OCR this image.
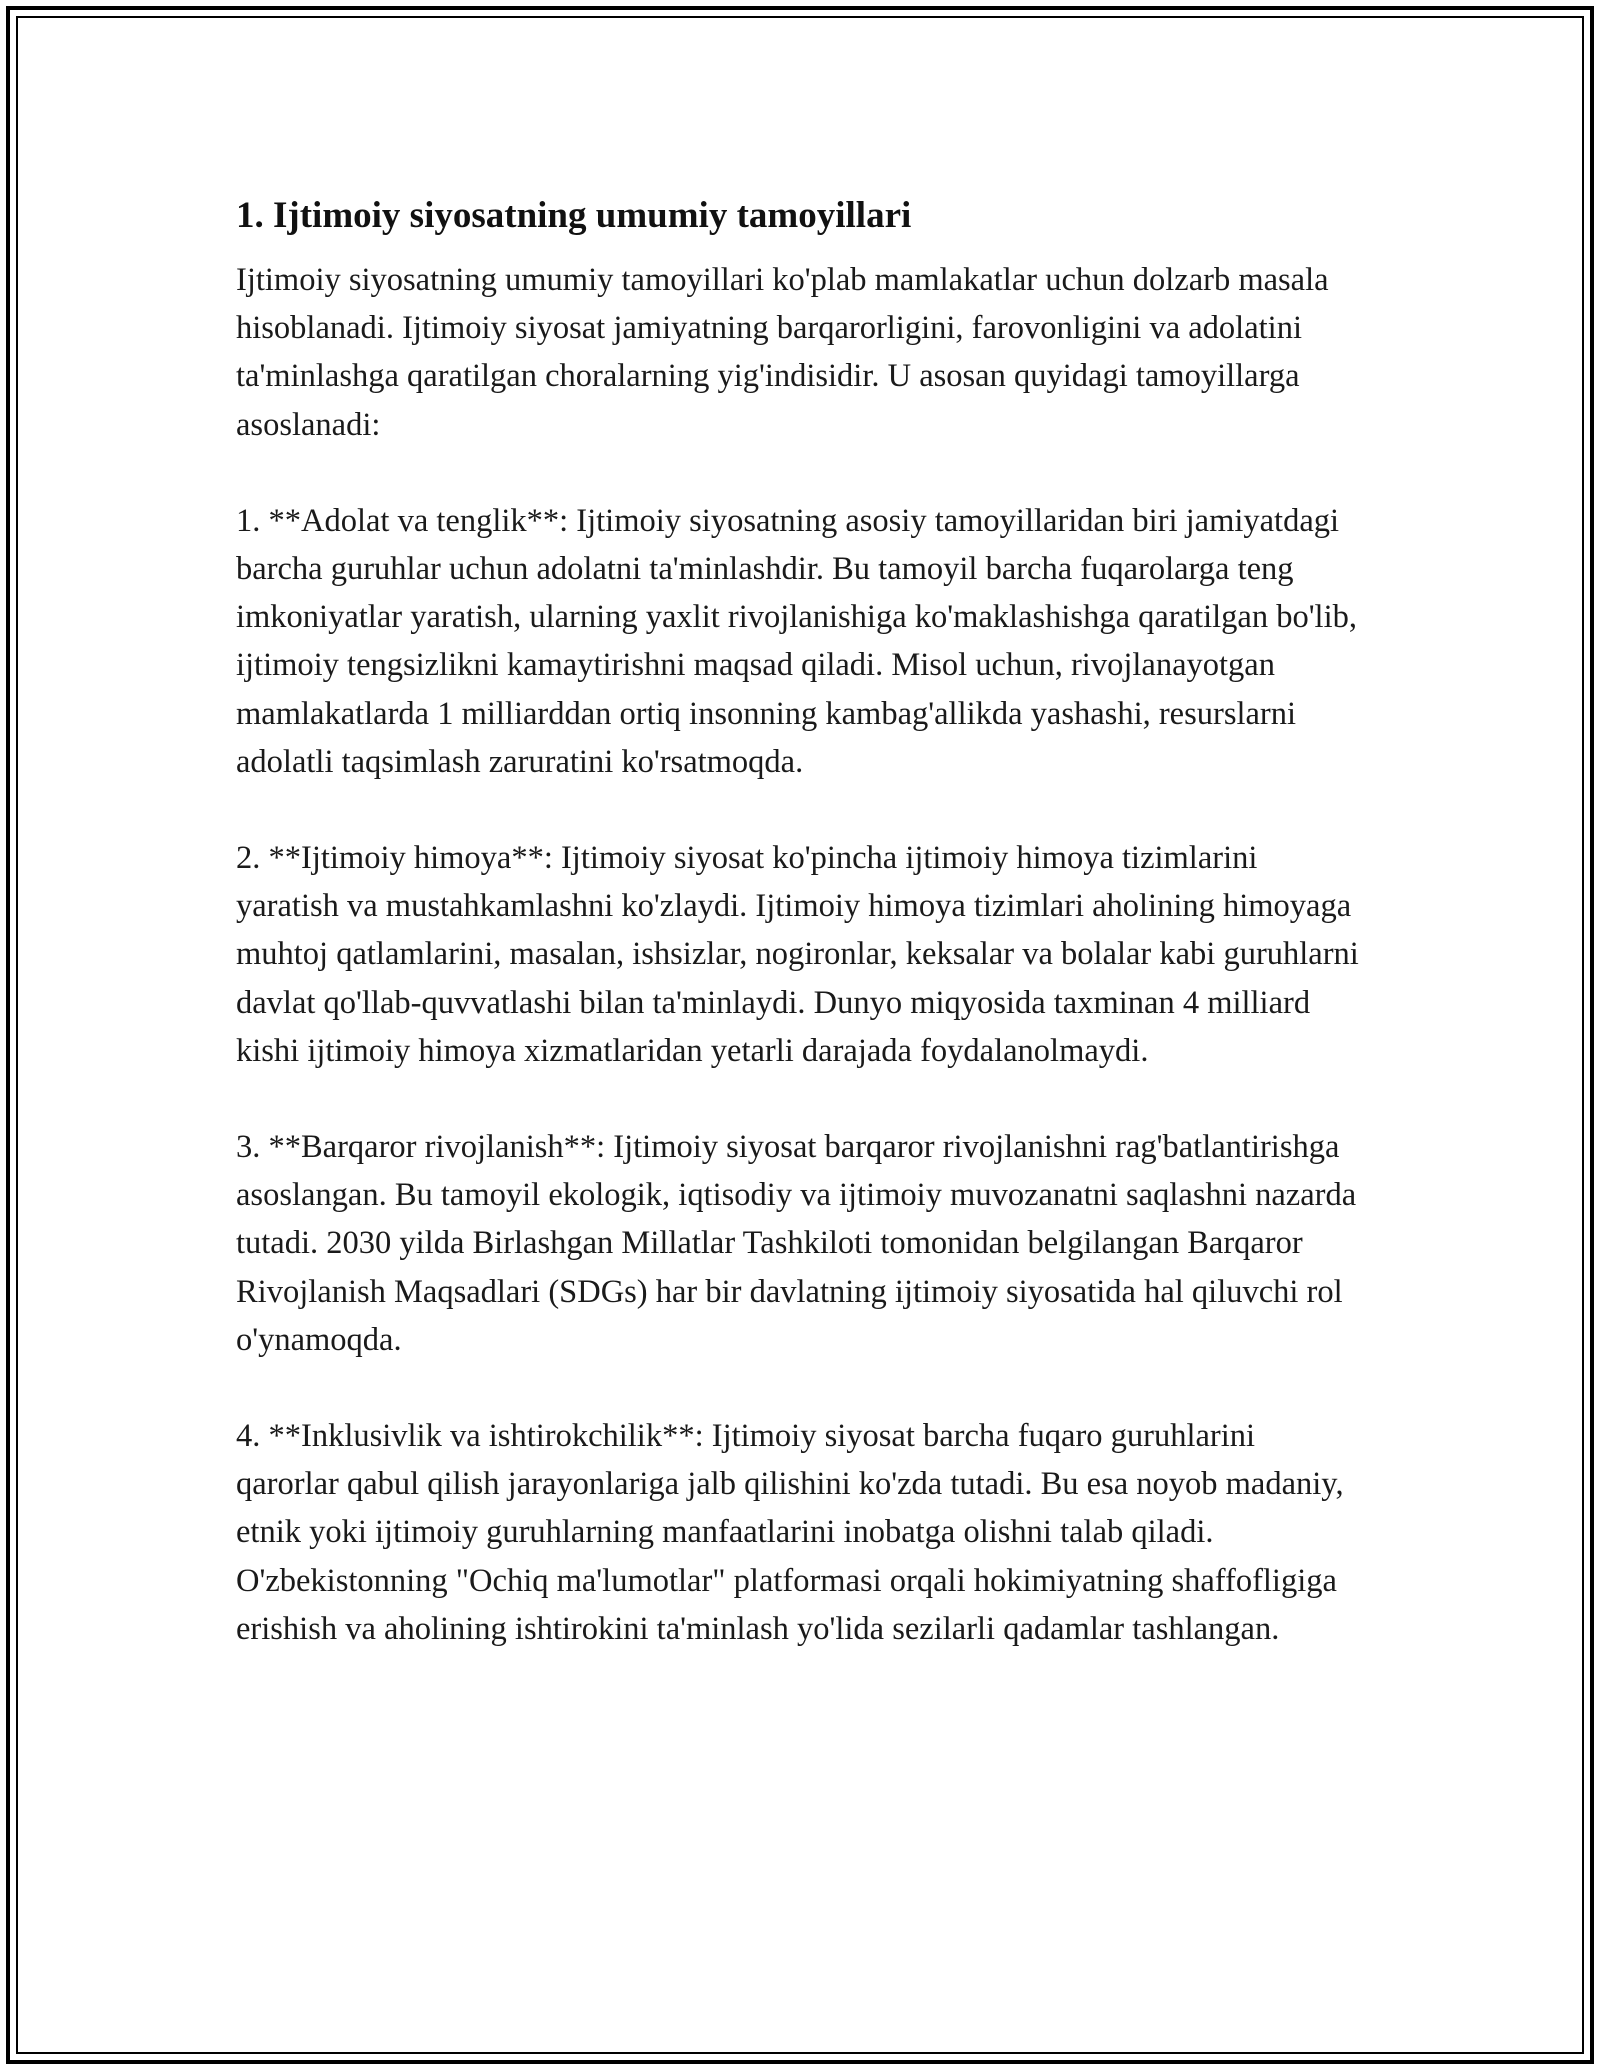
1. Ijtimoiy siyosatning umumiy tamoyillari

Ijtimoiy siyosatning umumiy tamoyillari ko'plab mamlakatlar uchun dolzarb masala hisoblanadi. Ijtimoiy siyosat jamiyatning barqarorligini, farovonligini va adolatini ta'minlashga qaratilgan choralarning yig'indisidir. U asosan quyidagi tamoyillarga asoslanadi:

1. **Adolat va tenglik**: Ijtimoiy siyosatning asosiy tamoyillaridan biri jamiyatdagi barcha guruhlar uchun adolatni ta'minlashdir. Bu tamoyil barcha fuqarolarga teng imkoniyatlar yaratish, ularning yaxlit rivojlanishiga ko'maklashishga qaratilgan bo'lib, ijtimoiy tengsizlikni kamaytirishni maqsad qiladi. Misol uchun, rivojlanayotgan mamlakatlarda 1 milliarddan ortiq insonning kambag'allikda yashashi, resurslarni adolatli taqsimlash zaruratini ko'rsatmoqda.

2. **Ijtimoiy himoya**: Ijtimoiy siyosat ko'pincha ijtimoiy himoya tizimlarini yaratish va mustahkamlashni ko'zlaydi. Ijtimoiy himoya tizimlari aholining himoyaga muhtoj qatlamlarini, masalan, ishsizlar, nogironlar, keksalar va bolalar kabi guruhlarni davlat qo'llab-quvvatlashi bilan ta'minlaydi. Dunyo miqyosida taxminan 4 milliard kishi ijtimoiy himoya xizmatlaridan yetarli darajada foydalanolmaydi.

3. **Barqaror rivojlanish**: Ijtimoiy siyosat barqaror rivojlanishni rag'batlantirishga asoslangan. Bu tamoyil ekologik, iqtisodiy va ijtimoiy muvozanatni saqlashni nazarda tutadi. 2030 yilda Birlashgan Millatlar Tashkiloti tomonidan belgilangan Barqaror Rivojlanish Maqsadlari (SDGs) har bir davlatning ijtimoiy siyosatida hal qiluvchi rol o'ynamoqda.

4. **Inklusivlik va ishtirokchilik**: Ijtimoiy siyosat barcha fuqaro guruhlarini qarorlar qabul qilish jarayonlariga jalb qilishini ko'zda tutadi. Bu esa noyob madaniy, etnik yoki ijtimoiy guruhlarning manfaatlarini inobatga olishni talab qiladi. O'zbekistonning "Ochiq ma'lumotlar" platformasi orqali hokimiyatning shaffofligiga erishish va aholining ishtirokini ta'minlash yo'lida sezilarli qadamlar tashlangan.
